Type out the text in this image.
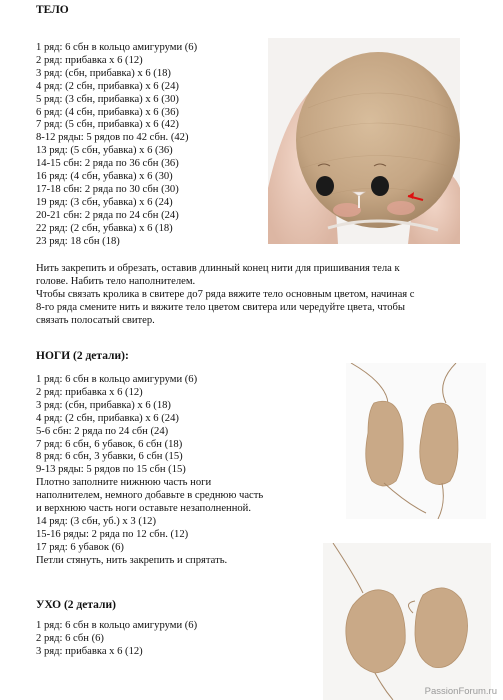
ТЕЛО
1 ряд: 6 сбн в кольцо амигуруми (6)
2 ряд: прибавка х 6 (12)
3 ряд: (сбн, прибавка) х 6 (18)
4 ряд: (2 сбн, прибавка) х 6 (24)
5 ряд: (3 сбн, прибавка) х 6 (30)
6 ряд: (4 сбн, прибавка) х 6 (36)
7 ряд: (5 сбн, прибавка) х 6 (42)
8-12 ряды: 5 рядов по 42 сбн. (42)
13 ряд: (5 сбн, убавка) х 6 (36)
14-15 сбн: 2 ряда по 36 сбн (36)
16 ряд: (4 сбн, убавка) х 6 (30)
17-18 сбн: 2 ряда по 30 сбн (30)
19 ряд: (3 сбн, убавка) х 6 (24)
20-21 сбн: 2 ряда по 24 сбн (24)
22 ряд: (2 сбн, убавка) х 6 (18)
23 ряд: 18 сбн (18)
Нить закрепить и обрезать, оставив длинный конец нити для пришивания тела к
голове. Набить тело наполнителем.
Чтобы связать кролика в свитере до7 ряда вяжите тело основным цветом, начиная с
8-го ряда смените нить и вяжите тело цветом свитера или чередуйте цвета, чтобы
связать полосатый свитер.
НОГИ (2 детали):
1 ряд: 6 сбн в кольцо амигуруми (6)
2 ряд: прибавка х 6 (12)
3 ряд: (сбн, прибавка) х 6 (18)
4 ряд: (2 сбн, прибавка) х 6 (24)
5-6 сбн: 2 ряда по 24 сбн (24)
7 ряд: 6 сбн, 6 убавок, 6 сбн (18)
8 ряд: 6 сбн, 3 убавки, 6 сбн (15)
9-13 ряды: 5 рядов по 15 сбн (15)
Плотно заполните нижнюю часть ноги
наполнителем, немного добавьте в среднюю часть
и верхнюю часть ноги оставьте незаполненной.
14 ряд: (3 сбн, уб.) х 3 (12)
15-16 ряды: 2 ряда по 12 сбн. (12)
17 ряд: 6 убавок (6)
Петли стянуть, нить закрепить и спрятать.
УХО (2 детали)
1 ряд: 6 сбн в кольцо амигуруми (6)
2 ряд: 6 сбн (6)
3 ряд: прибавка х 6 (12)
PassionForum.ru
